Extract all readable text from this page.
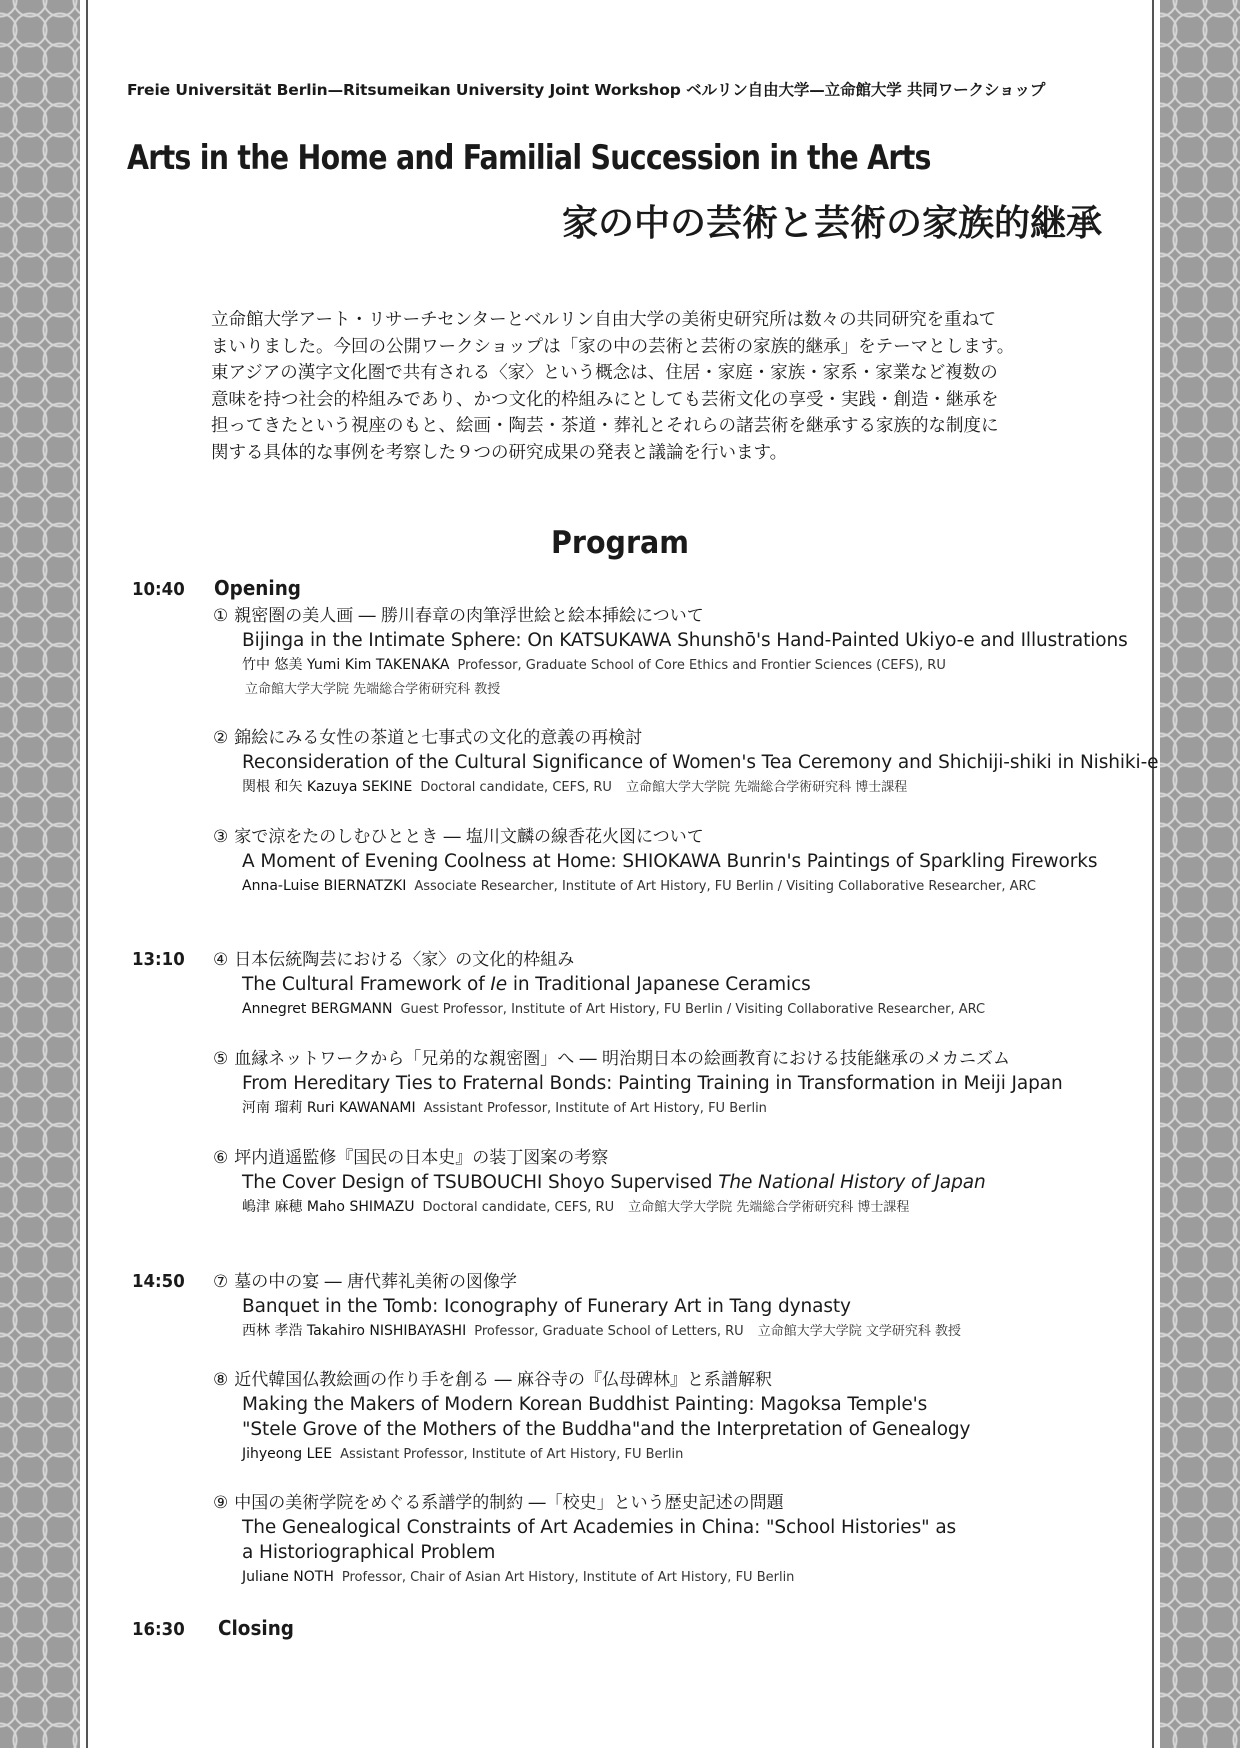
Freie Universität Berlin—Ritsumeikan University Joint Workshop ベルリン自由大学—立命館大学 共同ワークショップ
Arts in the Home and Familial Succession in the Arts
家の中の芸術と芸術の家族的継承
立命館大学アート・リサーチセンターとベルリン自由大学の美術史研究所は数々の共同研究を重ねて
まいりました。今回の公開ワークショップは「家の中の芸術と芸術の家族的継承」をテーマとします。
東アジアの漢字文化圏で共有される〈家〉という概念は、住居・家庭・家族・家系・家業など複数の
意味を持つ社会的枠組みであり、かつ文化的枠組みにとしても芸術文化の享受・実践・創造・継承を
担ってきたという視座のもと、絵画・陶芸・茶道・葬礼とそれらの諸芸術を継承する家族的な制度に
関する具体的な事例を考察した９つの研究成果の発表と議論を行います。
Program
10:40 Opening
① 親密圏の美人画 ― 勝川春章の肉筆浮世絵と絵本挿絵について
Bijinga in the Intimate Sphere: On KATSUKAWA Shunshō's Hand-Painted Ukiyo-e and Illustrations
竹中 悠美 Yumi Kim TAKENAKA Professor, Graduate School of Core Ethics and Frontier Sciences (CEFS), RU
立命館大学大学院 先端総合学術研究科 教授
② 錦絵にみる女性の茶道と七事式の文化的意義の再検討
Reconsideration of the Cultural Significance of Women's Tea Ceremony and Shichiji-shiki in Nishiki-e
関根 和矢 Kazuya SEKINE Doctoral candidate, CEFS, RU 立命館大学大学院 先端総合学術研究科 博士課程
③ 家で涼をたのしむひととき ― 塩川文麟の線香花火図について
A Moment of Evening Coolness at Home: SHIOKAWA Bunrin's Paintings of Sparkling Fireworks
Anna-Luise BIERNATZKI Associate Researcher, Institute of Art History, FU Berlin / Visiting Collaborative Researcher, ARC
13:10 ④ 日本伝統陶芸における〈家〉の文化的枠組み
The Cultural Framework of Ie in Traditional Japanese Ceramics
Annegret BERGMANN Guest Professor, Institute of Art History, FU Berlin / Visiting Collaborative Researcher, ARC
⑤ 血縁ネットワークから「兄弟的な親密圏」へ ― 明治期日本の絵画教育における技能継承のメカニズム
From Hereditary Ties to Fraternal Bonds: Painting Training in Transformation in Meiji Japan
河南 瑠莉 Ruri KAWANAMI Assistant Professor, Institute of Art History, FU Berlin
⑥ 坪内逍遥監修『国民の日本史』の装丁図案の考察
The Cover Design of TSUBOUCHI Shoyo Supervised The National History of Japan
嶋津 麻穂 Maho SHIMAZU Doctoral candidate, CEFS, RU 立命館大学大学院 先端総合学術研究科 博士課程
14:50 ⑦ 墓の中の宴 ― 唐代葬礼美術の図像学
Banquet in the Tomb: Iconography of Funerary Art in Tang dynasty
西林 孝浩 Takahiro NISHIBAYASHI Professor, Graduate School of Letters, RU 立命館大学大学院 文学研究科 教授
⑧ 近代韓国仏教絵画の作り手を創る ― 麻谷寺の『仏母碑林』と系譜解釈
Making the Makers of Modern Korean Buddhist Painting: Magoksa Temple's
"Stele Grove of the Mothers of the Buddha"and the Interpretation of Genealogy
Jihyeong LEE Assistant Professor, Institute of Art History, FU Berlin
⑨ 中国の美術学院をめぐる系譜学的制約 ―「校史」という歴史記述の問題
The Genealogical Constraints of Art Academies in China: "School Histories" as
a Historiographical Problem
Juliane NOTH Professor, Chair of Asian Art History, Institute of Art History, FU Berlin
16:30 Closing
